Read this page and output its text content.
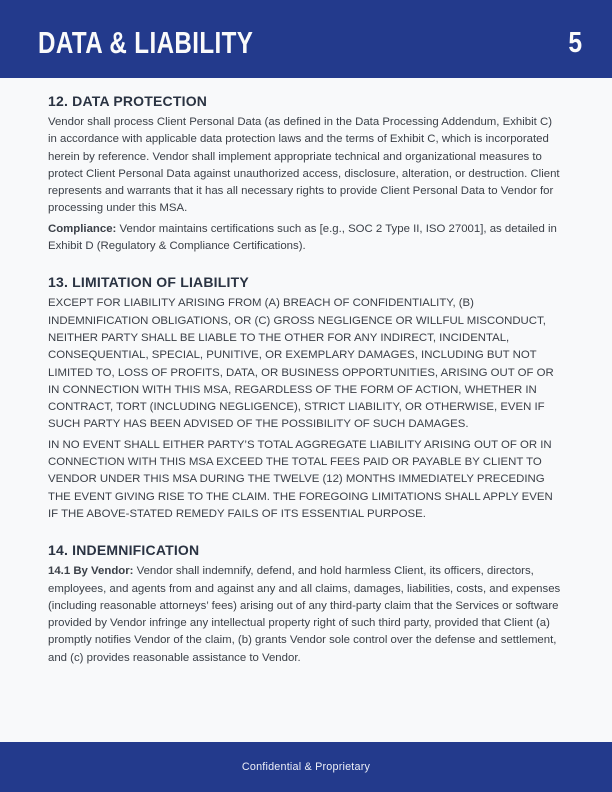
DATA & LIABILITY	5
12. DATA PROTECTION

Vendor shall process Client Personal Data (as defined in the Data Processing Addendum, Exhibit C) in accordance with applicable data protection laws and the terms of Exhibit C, which is incorporated herein by reference. Vendor shall implement appropriate technical and organizational measures to protect Client Personal Data against unauthorized access, disclosure, alteration, or destruction. Client represents and warrants that it has all necessary rights to provide Client Personal Data to Vendor for processing under this MSA.

Compliance: Vendor maintains certifications such as [e.g., SOC 2 Type II, ISO 27001], as detailed in Exhibit D (Regulatory & Compliance Certifications).

13. LIMITATION OF LIABILITY

EXCEPT FOR LIABILITY ARISING FROM (A) BREACH OF CONFIDENTIALITY, (B) INDEMNIFICATION OBLIGATIONS, OR (C) GROSS NEGLIGENCE OR WILLFUL MISCONDUCT, NEITHER PARTY SHALL BE LIABLE TO THE OTHER FOR ANY INDIRECT, INCIDENTAL, CONSEQUENTIAL, SPECIAL, PUNITIVE, OR EXEMPLARY DAMAGES, INCLUDING BUT NOT LIMITED TO, LOSS OF PROFITS, DATA, OR BUSINESS OPPORTUNITIES, ARISING OUT OF OR IN CONNECTION WITH THIS MSA, REGARDLESS OF THE FORM OF ACTION, WHETHER IN CONTRACT, TORT (INCLUDING NEGLIGENCE), STRICT LIABILITY, OR OTHERWISE, EVEN IF SUCH PARTY HAS BEEN ADVISED OF THE POSSIBILITY OF SUCH DAMAGES.

IN NO EVENT SHALL EITHER PARTY’S TOTAL AGGREGATE LIABILITY ARISING OUT OF OR IN CONNECTION WITH THIS MSA EXCEED THE TOTAL FEES PAID OR PAYABLE BY CLIENT TO VENDOR UNDER THIS MSA DURING THE TWELVE (12) MONTHS IMMEDIATELY PRECEDING THE EVENT GIVING RISE TO THE CLAIM. THE FOREGOING LIMITATIONS SHALL APPLY EVEN IF THE ABOVE-STATED REMEDY FAILS OF ITS ESSENTIAL PURPOSE.

14. INDEMNIFICATION

14.1 By Vendor: Vendor shall indemnify, defend, and hold harmless Client, its officers, directors, employees, and agents from and against any and all claims, damages, liabilities, costs, and expenses (including reasonable attorneys’ fees) arising out of any third-party claim that the Services or software provided by Vendor infringe any intellectual property right of such third party, provided that Client (a) promptly notifies Vendor of the claim, (b) grants Vendor sole control over the defense and settlement, and (c) provides reasonable assistance to Vendor.

Confidential & Proprietary
